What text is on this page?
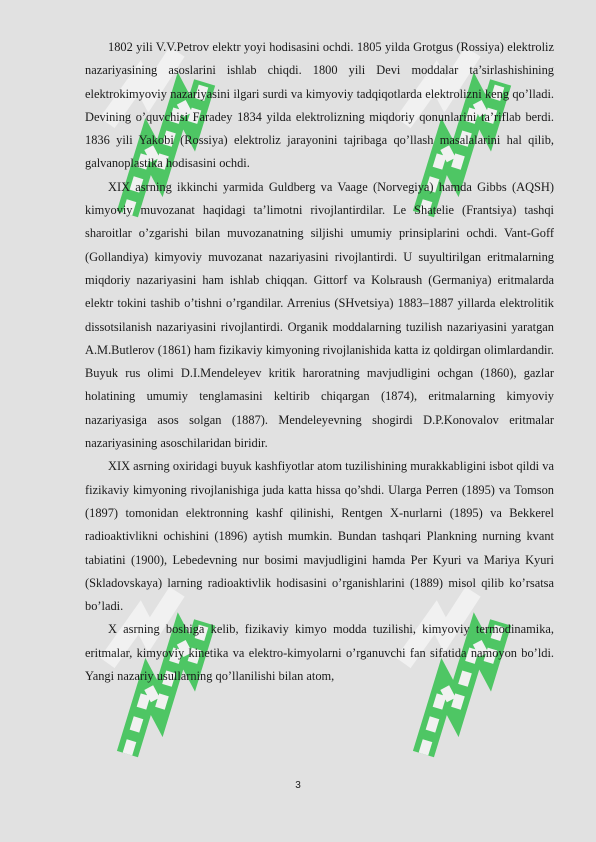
1802 yili V.V.Petrov elektr yoyi hodisasini ochdi. 1805 yilda Grotgus (Rossiya) elektroliz nazariyasining asoslarini ishlab chiqdi. 1800 yili Devi moddalar ta’sirlashishining elektrokimyoviy nazariyasini ilgari surdi va kimyoviy tadqiqotlarda elektrolizni keng qo’lladi. Devining o’quvchisi Faradey 1834 yilda elektrolizning miqdoriy qonunlarini ta’riflab berdi. 1836 yili Yakobi (Rossiya) elektroliz jarayonini tajribaga qo’llash masalalarini hal qilib, galvanoplastika hodisasini ochdi.

XIX asrning ikkinchi yarmida Guldberg va Vaage (Norvegiya) hamda Gibbs (AQSH) kimyoviy muvozanat haqidagi ta’limotni rivojlantirdilar. Le Shatelie (Frantsiya) tashqi sharoitlar o’zgarishi bilan muvozanatning siljishi umumiy prinsiplarini ochdi. Vant-Goff (Gollandiya) kimyoviy muvozanat nazariyasini rivojlantirdi. U suyultirilgan eritmalarning miqdoriy nazariyasini ham ishlab chiqqan. Gittorf va Kolьraush (Germaniya) eritmalarda elektr tokini tashib o’tishni o’rgandilar. Arrenius (SHvetsiya) 1883–1887 yillarda elektrolitik dissotsilanish nazariyasini rivojlantirdi. Organik moddalarning tuzilish nazariyasini yaratgan A.M.Butlerov (1861) ham fizikaviy kimyoning rivojlanishida katta iz qoldirgan olimlardandir. Buyuk rus olimi D.I.Mendeleyev kritik haroratning mavjudligini ochgan (1860), gazlar holatining umumiy tenglamasini keltirib chiqargan (1874), eritmalarning kimyoviy nazariyasiga asos solgan (1887). Mendeleyevning shogirdi D.P.Konovalov eritmalar nazariyasining asoschilaridan biridir.

XIX asrning oxiridagi buyuk kashfiyotlar atom tuzilishining murakkabligini isbot qildi va fizikaviy kimyoning rivojlanishiga juda katta hissa qo’shdi. Ularga Perren (1895) va Tomson (1897) tomonidan elektronning kashf qilinishi, Rentgen X-nurlarni (1895) va Bekkerel radioaktivlikni ochishini (1896) aytish mumkin. Bundan tashqari Plankning nurning kvant tabiatini (1900), Lebedevning nur bosimi mavjudligini hamda Per Kyuri va Mariya Kyuri (Skladovskaya) larning radioaktivlik hodisasini o’rganishlarini (1889) misol qilib ko’rsatsa bo’ladi.

X asrning boshiga kelib, fizikaviy kimyo modda tuzilishi, kimyoviy termodinamika, eritmalar, kimyoviy kinetika va elektro-kimyolarni o’rganuvchi fan sifatida namoyon bo’ldi. Yangi nazariy usullarning qo’llanilishi bilan atom,

3
